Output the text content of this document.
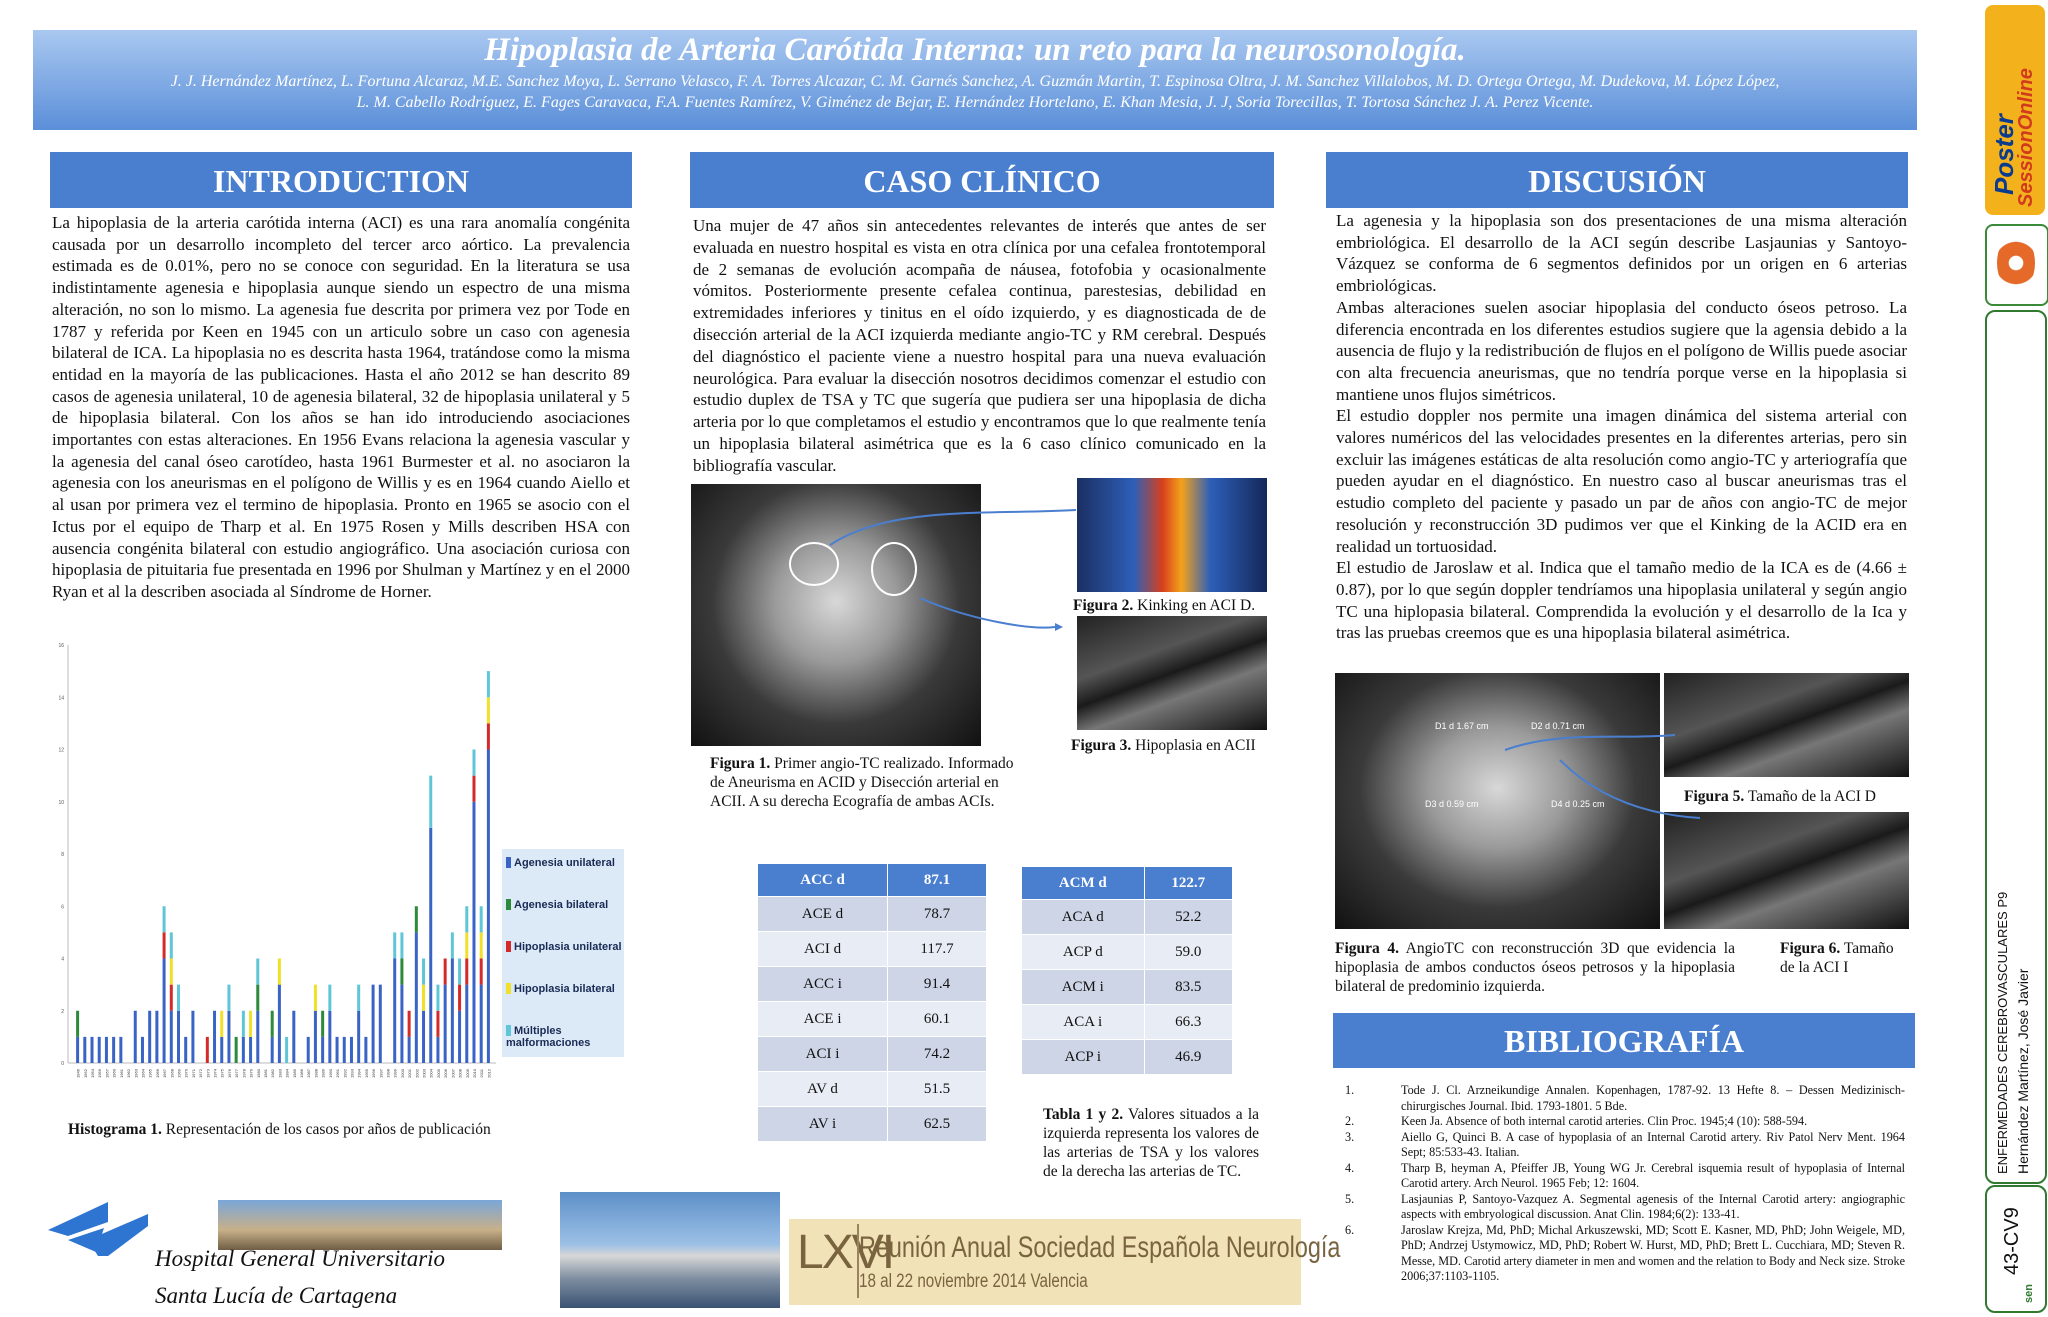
Hipoplasia de Arteria Carótida Interna: un reto para la neurosonología.
J. J. Hernández Martínez, L. Fortuna Alcaraz, M.E. Sanchez Moya, L. Serrano Velasco, F. A. Torres Alcazar, C. M. Garnés Sanchez, A. Guzmán Martin, T. Espinosa Oltra, J. M. Sanchez Villalobos, M. D. Ortega Ortega, M. Dudekova, M. López López,
L. M. Cabello Rodríguez, E. Fages Caravaca, F.A. Fuentes Ramírez, V. Giménez de Bejar, E. Hernández Hortelano, E. Khan Mesia, J. J, Soria Torecillas, T. Tortosa Sánchez J. A. Perez Vicente.
INTRODUCTION
La hipoplasia de la arteria carótida interna (ACI) es una rara anomalía congénita causada por un desarrollo incompleto del tercer arco aórtico. La prevalencia estimada es de 0.01%, pero no se conoce con seguridad. En la literatura se usa indistintamente agenesia e hipoplasia aunque siendo un espectro de una misma alteración, no son lo mismo. La agenesia fue descrita por primera vez por Tode en 1787 y referida por Keen en 1945 con un articulo sobre un caso con agenesia bilateral de ICA. La hipoplasia no es descrita hasta 1964, tratándose como la misma entidad en la mayoría de las publicaciones. Hasta el año 2012 se han descrito 89 casos de agenesia unilateral, 10 de agenesia bilateral, 32 de hipoplasia unilateral y 5 de hipoplasia bilateral. Con los años se han ido introduciendo asociaciones importantes con estas alteraciones. En 1956 Evans relaciona la agenesia vascular y la agenesia del canal óseo carotídeo, hasta 1961 Burmester et al. no asociaron la agenesia con los aneurismas en el polígono de Willis y es en 1964 cuando Aiello et al usan por primera vez el termino de hipoplasia. Pronto en 1965 se asocio con el Ictus por el equipo de Tharp et al. En 1975 Rosen y Mills describen HSA con ausencia congénita bilateral con estudio angiográfico. Una asociación curiosa con hipoplasia de pituitaria fue presentada en 1996 por Shulman y Martínez y en el 2000 Ryan et al la describen asociada al Síndrome de Horner.
0
2
4
6
8
10
12
14
16
1946 1952 1954 1956 1957 1960 1961 1962 1963 1964 1965 1966 1967 1968 1969 1970 1971 1972 1973 1974 1975 1976 1977 1978 1979 1980 1981 1982 1983 1984 1985 1986 1987 1988 1989 1990 1991 1992 1993 1994 1995 1996 1997 1998 1999 2000 2001 2002 2003 2004 2005 2006 2007 2008 2009 2010 2011 2012
Agenesia unilateral
Agenesia bilateral
Hipoplasia unilateral
Hipoplasia bilateral
Múltiples malformaciones
Histograma 1. Representación de los casos por años de publicación
CASO CLÍNICO
Una mujer de 47 años sin antecedentes relevantes de interés que antes de ser evaluada en nuestro hospital es vista en otra clínica por una cefalea frontotemporal de 2 semanas de evolución acompaña de náusea, fotofobia y ocasionalmente vómitos. Posteriormente presente cefalea continua, parestesias, debilidad en extremidades inferiores y tinitus en el oído izquierdo, y es diagnosticada de de disección arterial de la ACI izquierda mediante angio-TC y RM cerebral. Después del diagnóstico el paciente viene a nuestro hospital para una nueva evaluación neurológica. Para evaluar la disección nosotros decidimos comenzar el estudio con estudio duplex de TSA y TC que sugería que pudiera ser una hipoplasia de dicha arteria por lo que completamos el estudio y encontramos que lo que realmente tenía un hipoplasia bilateral asimétrica que es la 6 caso clínico comunicado en la bibliografía vascular.
Figura 2. Kinking en ACI D.
Figura 3. Hipoplasia en ACII
Figura 1. Primer angio-TC realizado. Informado de Aneurisma en ACID y Disección arterial en ACII. A su derecha Ecografía de ambas ACIs.
ACC d	87.1
ACE d	78.7
ACI d	117.7
ACC i	91.4
ACE i	60.1
ACI i	74.2
AV d	51.5
AV i	62.5
ACM d	122.7
ACA d	52.2
ACP d	59.0
ACM i	83.5
ACA i	66.3
ACP i	46.9
Tabla 1 y 2. Valores situados a la izquierda representa los valores de las arterias de TSA y los valores de la derecha las arterias de TC.
DISCUSIÓN
La agenesia y la hipoplasia son dos presentaciones de una misma alteración embriológica. El desarrollo de la ACI según describe Lasjaunias y Santoyo-Vázquez se conforma de 6 segmentos definidos por un origen en 6 arterias embriológicas.
Ambas alteraciones suelen asociar hipoplasia del conducto óseos petroso. La diferencia encontrada en los diferentes estudios sugiere que la agensia debido a la ausencia de flujo y la redistribución de flujos en el polígono de Willis puede asociar con alta frecuencia aneurismas, que no tendría porque verse en la hipoplasia si mantiene unos flujos simétricos.
El estudio doppler nos permite una imagen dinámica del sistema arterial con valores numéricos del las velocidades presentes en la diferentes arterias, pero sin excluir las imágenes estáticas de alta resolución como angio-TC y arteriografía que pueden ayudar en el diagnóstico. En nuestro caso al buscar aneurismas tras el estudio completo del paciente y pasado un par de años con angio-TC de mejor resolución y reconstrucción 3D pudimos ver que el Kinking de la ACID era en realidad un tortuosidad.
El estudio de Jaroslaw et al. Indica que el tamaño medio de la ICA es de (4.66 ± 0.87), por lo que según doppler tendríamos una hipoplasia unilateral y según angio TC una hiplopasia bilateral. Comprendida la evolución y el desarrollo de la Ica y tras las pruebas creemos que es una hipoplasia bilateral asimétrica.
D1 d 1.67 cm	D2 d 0.71 cm
D3 d 0.59 cm	D4 d 0.25 cm	Figura 5. Tamaño de la ACI D
Figura 4. AngioTC con reconstrucción 3D que evidencia la hipoplasia de ambos conductos óseos petrosos y la hipoplasia bilateral de predominio izquierda.
Figura 6. Tamaño de la ACI I
BIBLIOGRAFÍA
1.	Tode J. Cl. Arzneikundige Annalen. Kopenhagen, 1787-92. 13 Hefte 8. – Dessen Medizinisch-chirurgisches Journal. Ibid. 1793-1801. 5 Bde.
2.	Keen Ja. Absence of both internal carotid arteries. Clin Proc. 1945;4 (10): 588-594.
3.	Aiello G, Quinci B. A case of hypoplasia of an Internal Carotid artery. Riv Patol Nerv Ment. 1964 Sept; 85:533-43. Italian.
4.	Tharp B, heyman A, Pfeiffer JB, Young WG Jr. Cerebral isquemia result of hypoplasia of Internal Carotid artery. Arch Neurol. 1965 Feb; 12: 1604.
5.	Lasjaunias P, Santoyo-Vazquez A. Segmental agenesis of the Internal Carotid artery: angiographic aspects with embryological discussion. Anat Clin. 1984;6(2): 133-41.
6.	Jaroslaw Krejza, Md, PhD; Michal Arkuszewski, MD; Scott E. Kasner, MD, PhD; John Weigele, MD, PhD; Andrzej Ustymowicz, MD, PhD; Robert W. Hurst, MD, PhD; Brett L. Cucchiara, MD; Steven R. Messe, MD. Carotid artery diameter in men and women and the relation to Body and Neck size. Stroke 2006;37:1103-1105.
Hospital General Universitario
Santa Lucía de Cartagena
LXVI
Reunión Anual Sociedad Española Neurología
18 al 22 noviembre 2014 Valencia
Poster
SessionOnline
ENFERMEDADES CEREBROVASCULARES P9 Hernández Martínez, José Javier
43-CV9
sen
